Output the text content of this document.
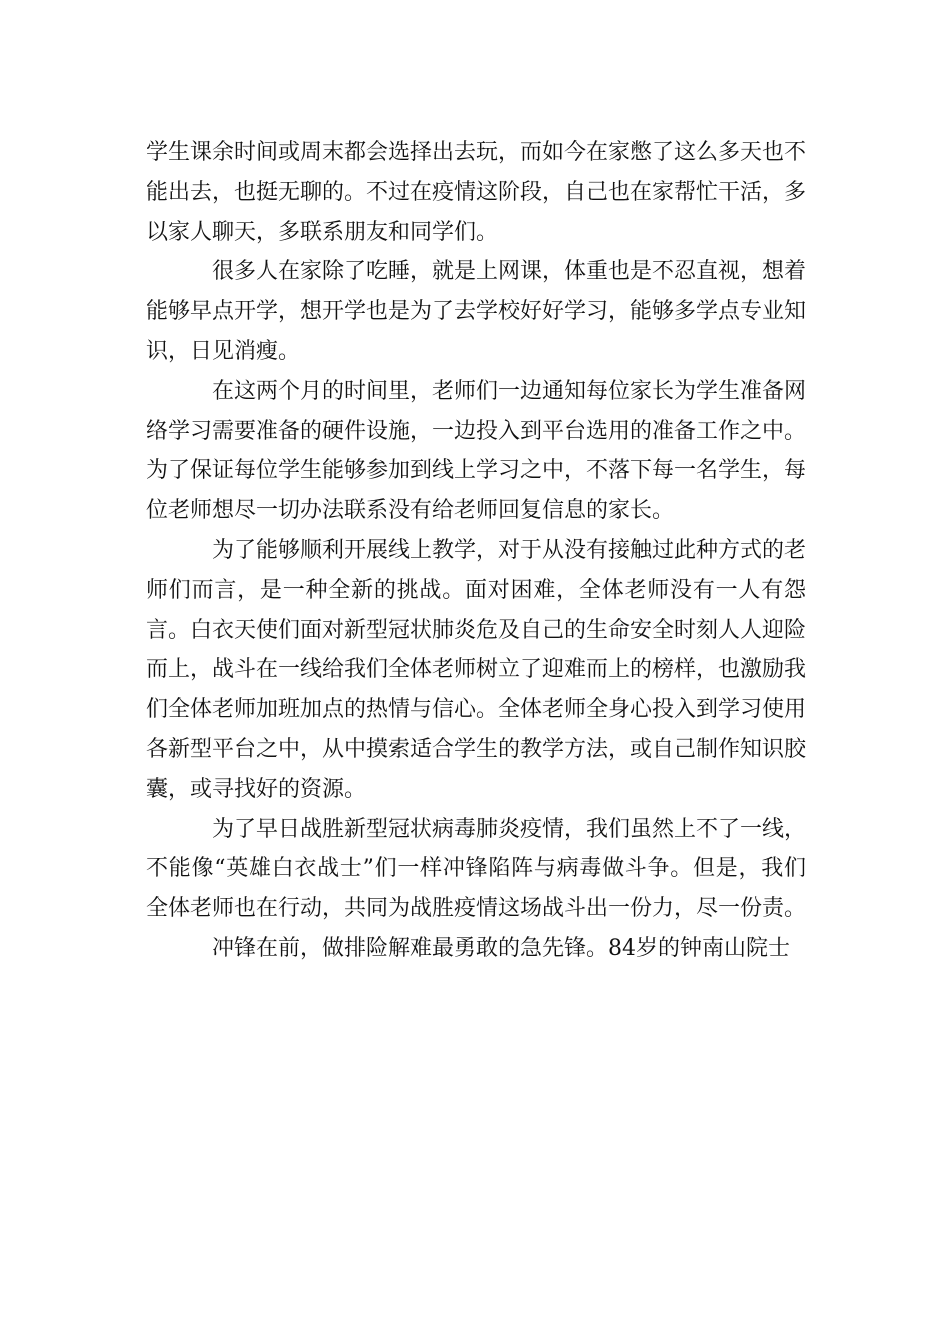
学生课余时间或周末都会选择出去玩，而如今在家憋了这么多天也不能出去，也挺无聊的。不过在疫情这阶段，自己也在家帮忙干活，多以家人聊天，多联系朋友和同学们。

很多人在家除了吃睡，就是上网课，体重也是不忍直视，想着能够早点开学，想开学也是为了去学校好好学习，能够多学点专业知识，日见消瘦。

在这两个月的时间里，老师们一边通知每位家长为学生准备网络学习需要准备的硬件设施，一边投入到平台选用的准备工作之中。为了保证每位学生能够参加到线上学习之中，不落下每一名学生，每位老师想尽一切办法联系没有给老师回复信息的家长。

为了能够顺利开展线上教学，对于从没有接触过此种方式的老师们而言，是一种全新的挑战。面对困难，全体老师没有一人有怨言。白衣天使们面对新型冠状肺炎危及自己的生命安全时刻人人迎险而上，战斗在一线给我们全体老师树立了迎难而上的榜样，也激励我们全体老师加班加点的热情与信心。全体老师全身心投入到学习使用各新型平台之中，从中摸索适合学生的教学方法，或自己制作知识胶囊，或寻找好的资源。

为了早日战胜新型冠状病毒肺炎疫情，我们虽然上不了一线，不能像“英雄白衣战士”们一样冲锋陷阵与病毒做斗争。但是，我们全体老师也在行动，共同为战胜疫情这场战斗出一份力，尽一份责。

冲锋在前，做排险解难最勇敢的急先锋。84岁的钟南山院士
